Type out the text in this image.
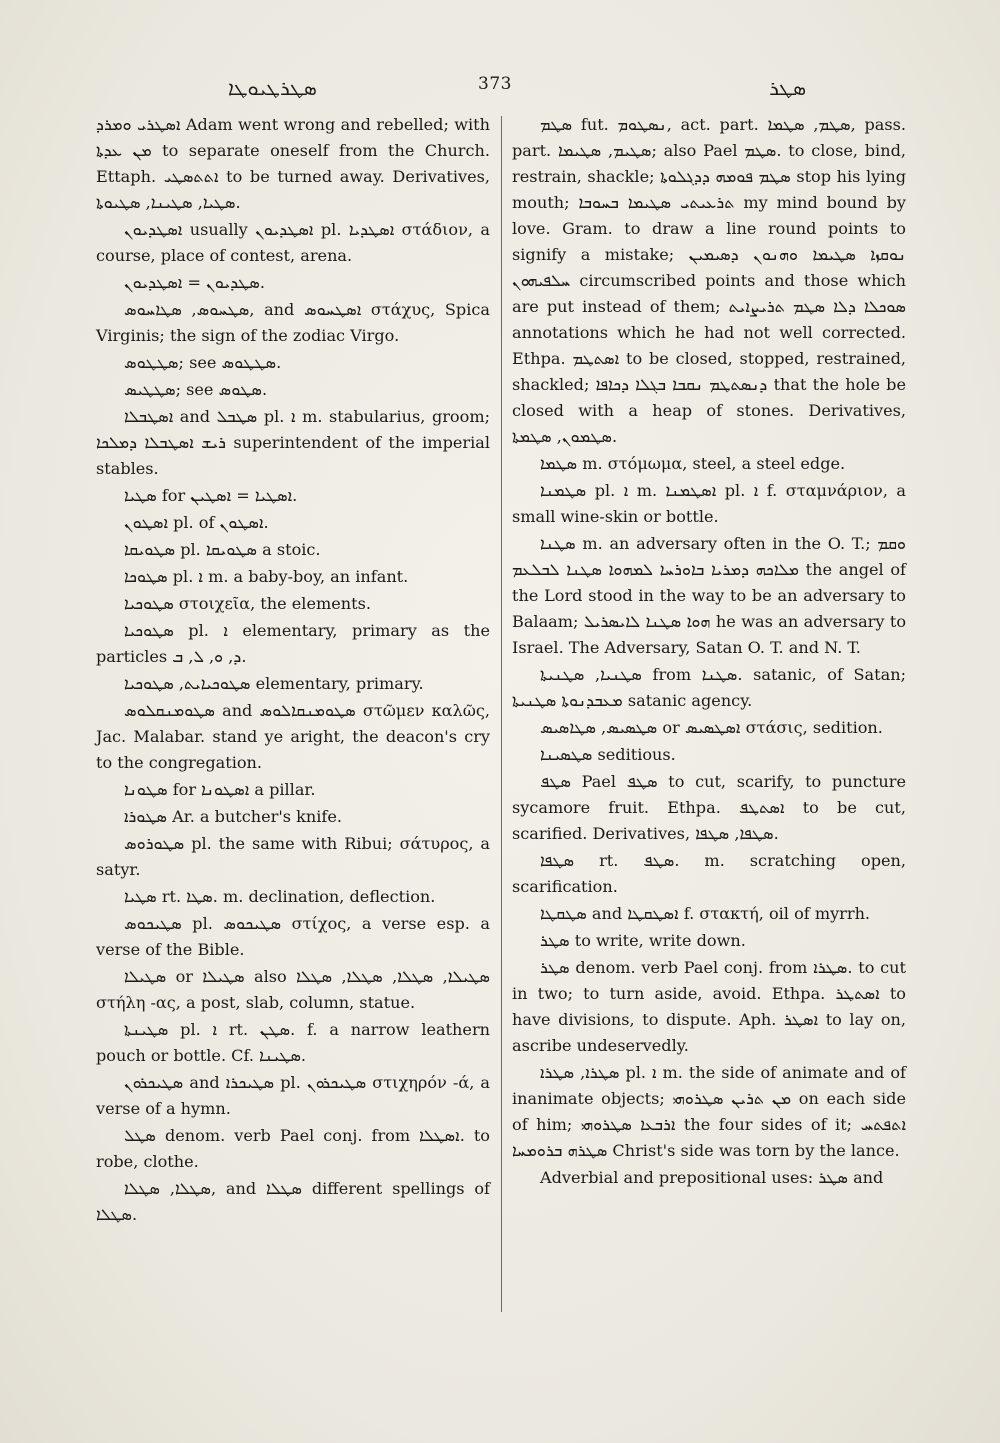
ܣܛܪܛܝܘܛܐ	373	ܣܛܪ

ܐܣܛܪܝ ܘܡܪܕ Adam went wrong and rebelled; with ܡܢ ܥܕܬܐ to separate oneself from the Church. Ettaph. ܐܬܬܣܛܝ to be turned away. Derivatives, ܣܛܝܐ, ܣܛܝܢܐ, ܣܛܝܘܬܐ.

ܐܣܛܕܝܘܢ usually ܐܣܛܕܝܘܢ pl. ܐܣܛܕܝܐ στάδιον, a course, place of contest, arena.

ܣܛܕܝܘܢ = ܐܣܛܕܝܘܢ.

ܣܛܚܘܣ, ܣܛܐܚܘܣ, and ܐܣܛܚܘܣ στάχυς, Spica Virginis; the sign of the zodiac Virgo.

ܣܛܛܘܣ; see ܣܛܛܘܣ.

ܣܛܛܝܣ; see ܣܛܘܣ.

ܐܣܛܒܠܐ and ܣܛܒܠ pl. ܐ m. stabularius, groom; ܪܝܫ ܐܣܛܒܠܐ ܕܡܠܟܐ superintendent of the imperial stables.

ܣܛܝܐ for ܐܣܛܝܐ = ܐܣܛܝܢ.

ܐܣܛܘܢ pl. of ܐܣܛܘܢ.

ܣܛܘܝܩܐ pl. ܣܛܘܝܩܐ a stoic.

ܣܛܘܟܐ pl. ܐ m. a baby-boy, an infant.

ܣܛܘܟܝܐ στοιχεῖα, the elements.

ܣܛܘܟܝܐ pl. ܐ elementary, primary as the particles ܕ, ܘ, ܠ, ܒ.

ܣܛܘܟܝܐܝܬ, ܣܛܘܟܝܐ elementary, primary.

ܣܛܘܡܢܩܠܘܣ and ܣܛܘܡܢܩܐܠܘܣ στῶμεν καλῶς, Jac. Malabar. stand ye aright, the deacon's cry to the congregation.

ܣܛܘܢܐ for ܐܣܛܘܢܐ a pillar.

ܣܛܘܪܐ Ar. a butcher's knife.

ܣܛܘܪܘܣ pl. the same with Ribui; σάτυρος, a satyr.

ܣܛܝܐ rt. ܣܛܐ. m. declination, deflection.

ܣܛܝܟܘܣ pl. ܣܛܝܟܘܣ στίχος, a verse esp. a verse of the Bible.

ܣܛܝܠܐ or ܣܛܝܠܐ also ܣܛܝܠܐ, ܣܛܠܐ, ܣܛܠܐ, ܣܛܠܐ στήλη -ας, a post, slab, column, statue.

ܣܛܝܢܬܐ pl. ܐ rt. ܣܛܢ. f. a narrow leathern pouch or bottle. Cf. ܣܛܝܢܐ.

ܣܛܝܟܪܘܢ and ܣܛܝܟܪܐ pl. ܣܛܝܟܪܘܢ στιχηρόν -ά, a verse of a hymn.

ܣܛܠ denom. verb Pael conj. from ܐܣܛܠܐ. to robe, clothe.

ܣܛܠܐ, ܣܛܠܐ, and ܣܛܠܐ different spellings of ܣܛܠܐ.

ܣܛܡ fut. ܢܣܛܘܡ, act. part. ܣܛܡ, ܣܛܡܐ, pass. part. ܣܛܝܡ, ܣܛܝܡܐ; also Pael ܣܛܡ. to close, bind, restrain, shackle; ܣܛܡ ܦܘܡܗ ܕܕܓܠܘܬܐ stop his lying mouth; ܬܪܥܝܬܝ ܣܛܝܡܐ ܒܚܘܒܐ my mind bound by love. Gram. to draw a line round points to signify a mistake; ܢܘܩܙܐ ܣܛܝܡܐ ܘܗܢܘܢ ܕܣܝܡܝܢ ܚܠܦܝܗܘܢ circumscribed points and those which are put instead of them; ܣܘܟܠܐ ܕܠܐ ܣܛܡ ܬܪܝܨܐܝܬ annotations which he had not well corrected. Ethpa. ܐܣܬܛܡ to be closed, stopped, restrained, shackled; ܕܢܣܬܛܡ ܢܩܒܐ ܒܓܠܐ ܕܟܐܦܐ that the hole be closed with a heap of stones. Derivatives, ܣܛܡܘܢ, ܣܛܡܬܐ.

ܣܛܡܐ m. στόμωμα, steel, a steel edge.

ܣܛܡܢܐ pl. ܐ m. ܐܣܛܡܢܐ pl. ܐ f. σταμνάριον, a small wine-skin or bottle.

ܣܛܢܐ m. an adversary often in the O. T.; ܘܩܡ ܡܠܐܟܗ ܕܡܪܝܐ ܒܐܘܪܚܐ ܠܡܗܘܐ ܣܛܢܐ ܠܒܠܥܡ the angel of the Lord stood in the way to be an adversary to Balaam; ܗܘܐ ܣܛܢܐ ܠܐܝܣܪܝܠ he was an adversary to Israel. The Adversary, Satan O. T. and N. T.

ܣܛܢܝܐ, ܣܛܢܝܬܐ from ܣܛܢܐ. satanic, of Satan; ܡܥܒܕܢܘܬܐ ܣܛܢܝܬܐ satanic agency.

ܣܛܣܝܣ, ܣܛܐܣܝܣ or ܐܣܛܣܝܣ στάσις, sedition.

ܣܛܣܝܢܐ seditious.

ܣܛܦ Pael ܣܛܦ to cut, scarify, to puncture sycamore fruit. Ethpa. ܐܣܬܛܦ to be cut, scarified. Derivatives, ܣܛܦܐ, ܣܛܦܐ.

ܣܛܦܐ rt. ܣܛܦ. m. scratching open, scarification.

ܣܛܩܛܐ and ܐܣܛܩܛܐ f. στακτή, oil of myrrh.

ܣܛܪ to write, write down.

ܣܛܪ denom. verb Pael conj. from ܣܛܪܐ. to cut in two; to turn aside, avoid. Ethpa. ܐܣܬܛܪ to have divisions, to dispute. Aph. ܐܣܛܪ to lay on, ascribe undeservedly.

ܣܛܪܐ, ܣܛܪܐ pl. ܐ m. the side of animate and of inanimate objects; ܡܢ ܬܪܝܢ ܣܛܪܘܗܝ on each side of him; ܐܪܒܥܐ ܣܛܪܘܗܝ the four sides of it; ܐܬܦܬܚ ܣܛܪܗ ܒܪܘܡܚܐ Christ's side was torn by the lance.

Adverbial and prepositional uses: ܣܛܪ and
